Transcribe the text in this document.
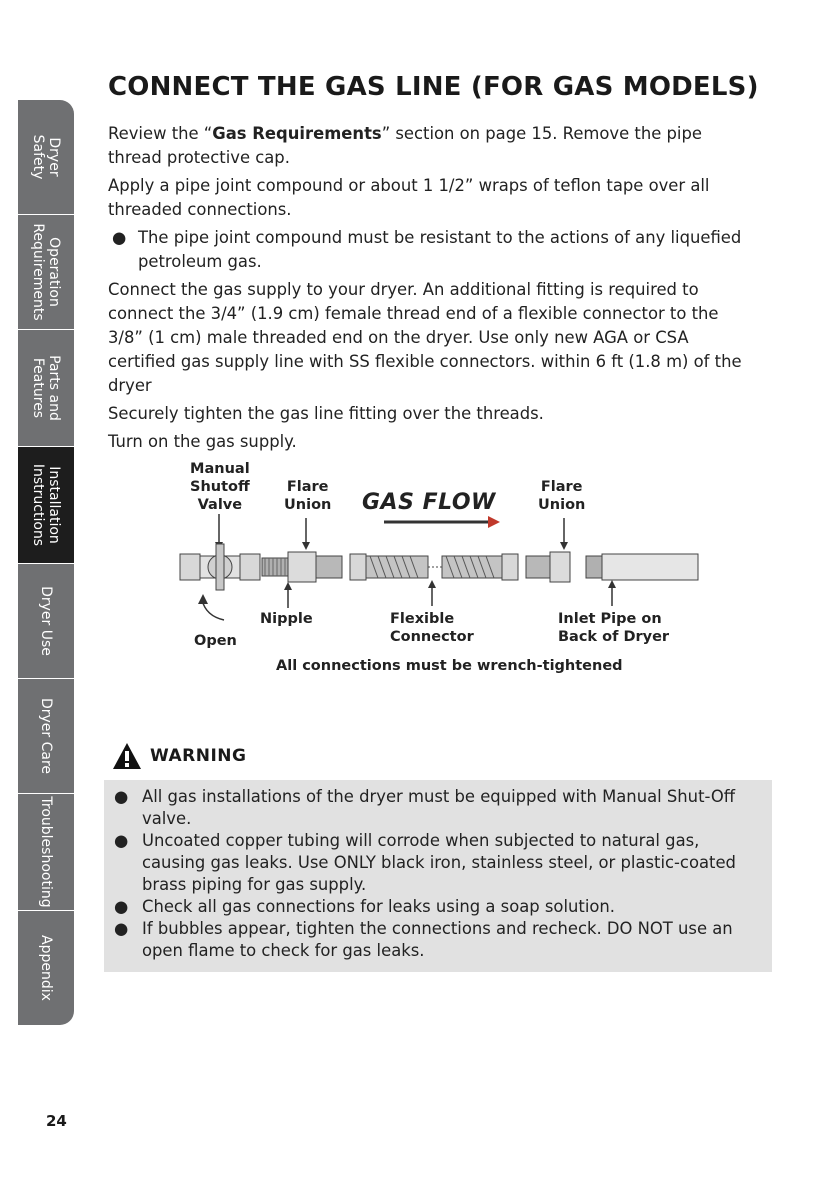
Dryer
Safety
Operation
Requirements
Parts and
Features
Installation
Instructions
Dryer Use
Dryer Care
Troubleshooting
Appendix
CONNECT THE GAS LINE (FOR GAS MODELS)

Review the “Gas Requirements” section on page 15. Remove the pipe thread protective cap.

Apply a pipe joint compound or about 1 1/2” wraps of teflon tape over all threaded connections.

● The pipe joint compound must be resistant to the actions of any liquefied petroleum gas.

Connect the gas supply to your dryer. An additional fitting is required to connect the 3/4” (1.9 cm) female thread end of a flexible connector to the 3/8” (1 cm) male threaded end on the dryer. Use only new AGA or CSA certified gas supply line with SS flexible connectors. within 6 ft (1.8 m) of the dryer

Securely tighten the gas line fitting over the threads.

Turn on the gas supply.

Manual
Shutoff
Valve
Flare
Union GAS FLOW
Flare
Union
Open
Nipple	Flexible
Connector
Inlet Pipe on
Back of Dryer
All connections must be wrench-tightened
WARNING
● All gas installations of the dryer must be equipped with Manual Shut-Off valve.
● Uncoated copper tubing will corrode when subjected to natural gas, causing gas leaks. Use ONLY black iron, stainless steel, or plastic-coated brass piping for gas supply.
● Check all gas connections for leaks using a soap solution.
● If bubbles appear, tighten the connections and recheck. DO NOT use an open flame to check for gas leaks.
24
